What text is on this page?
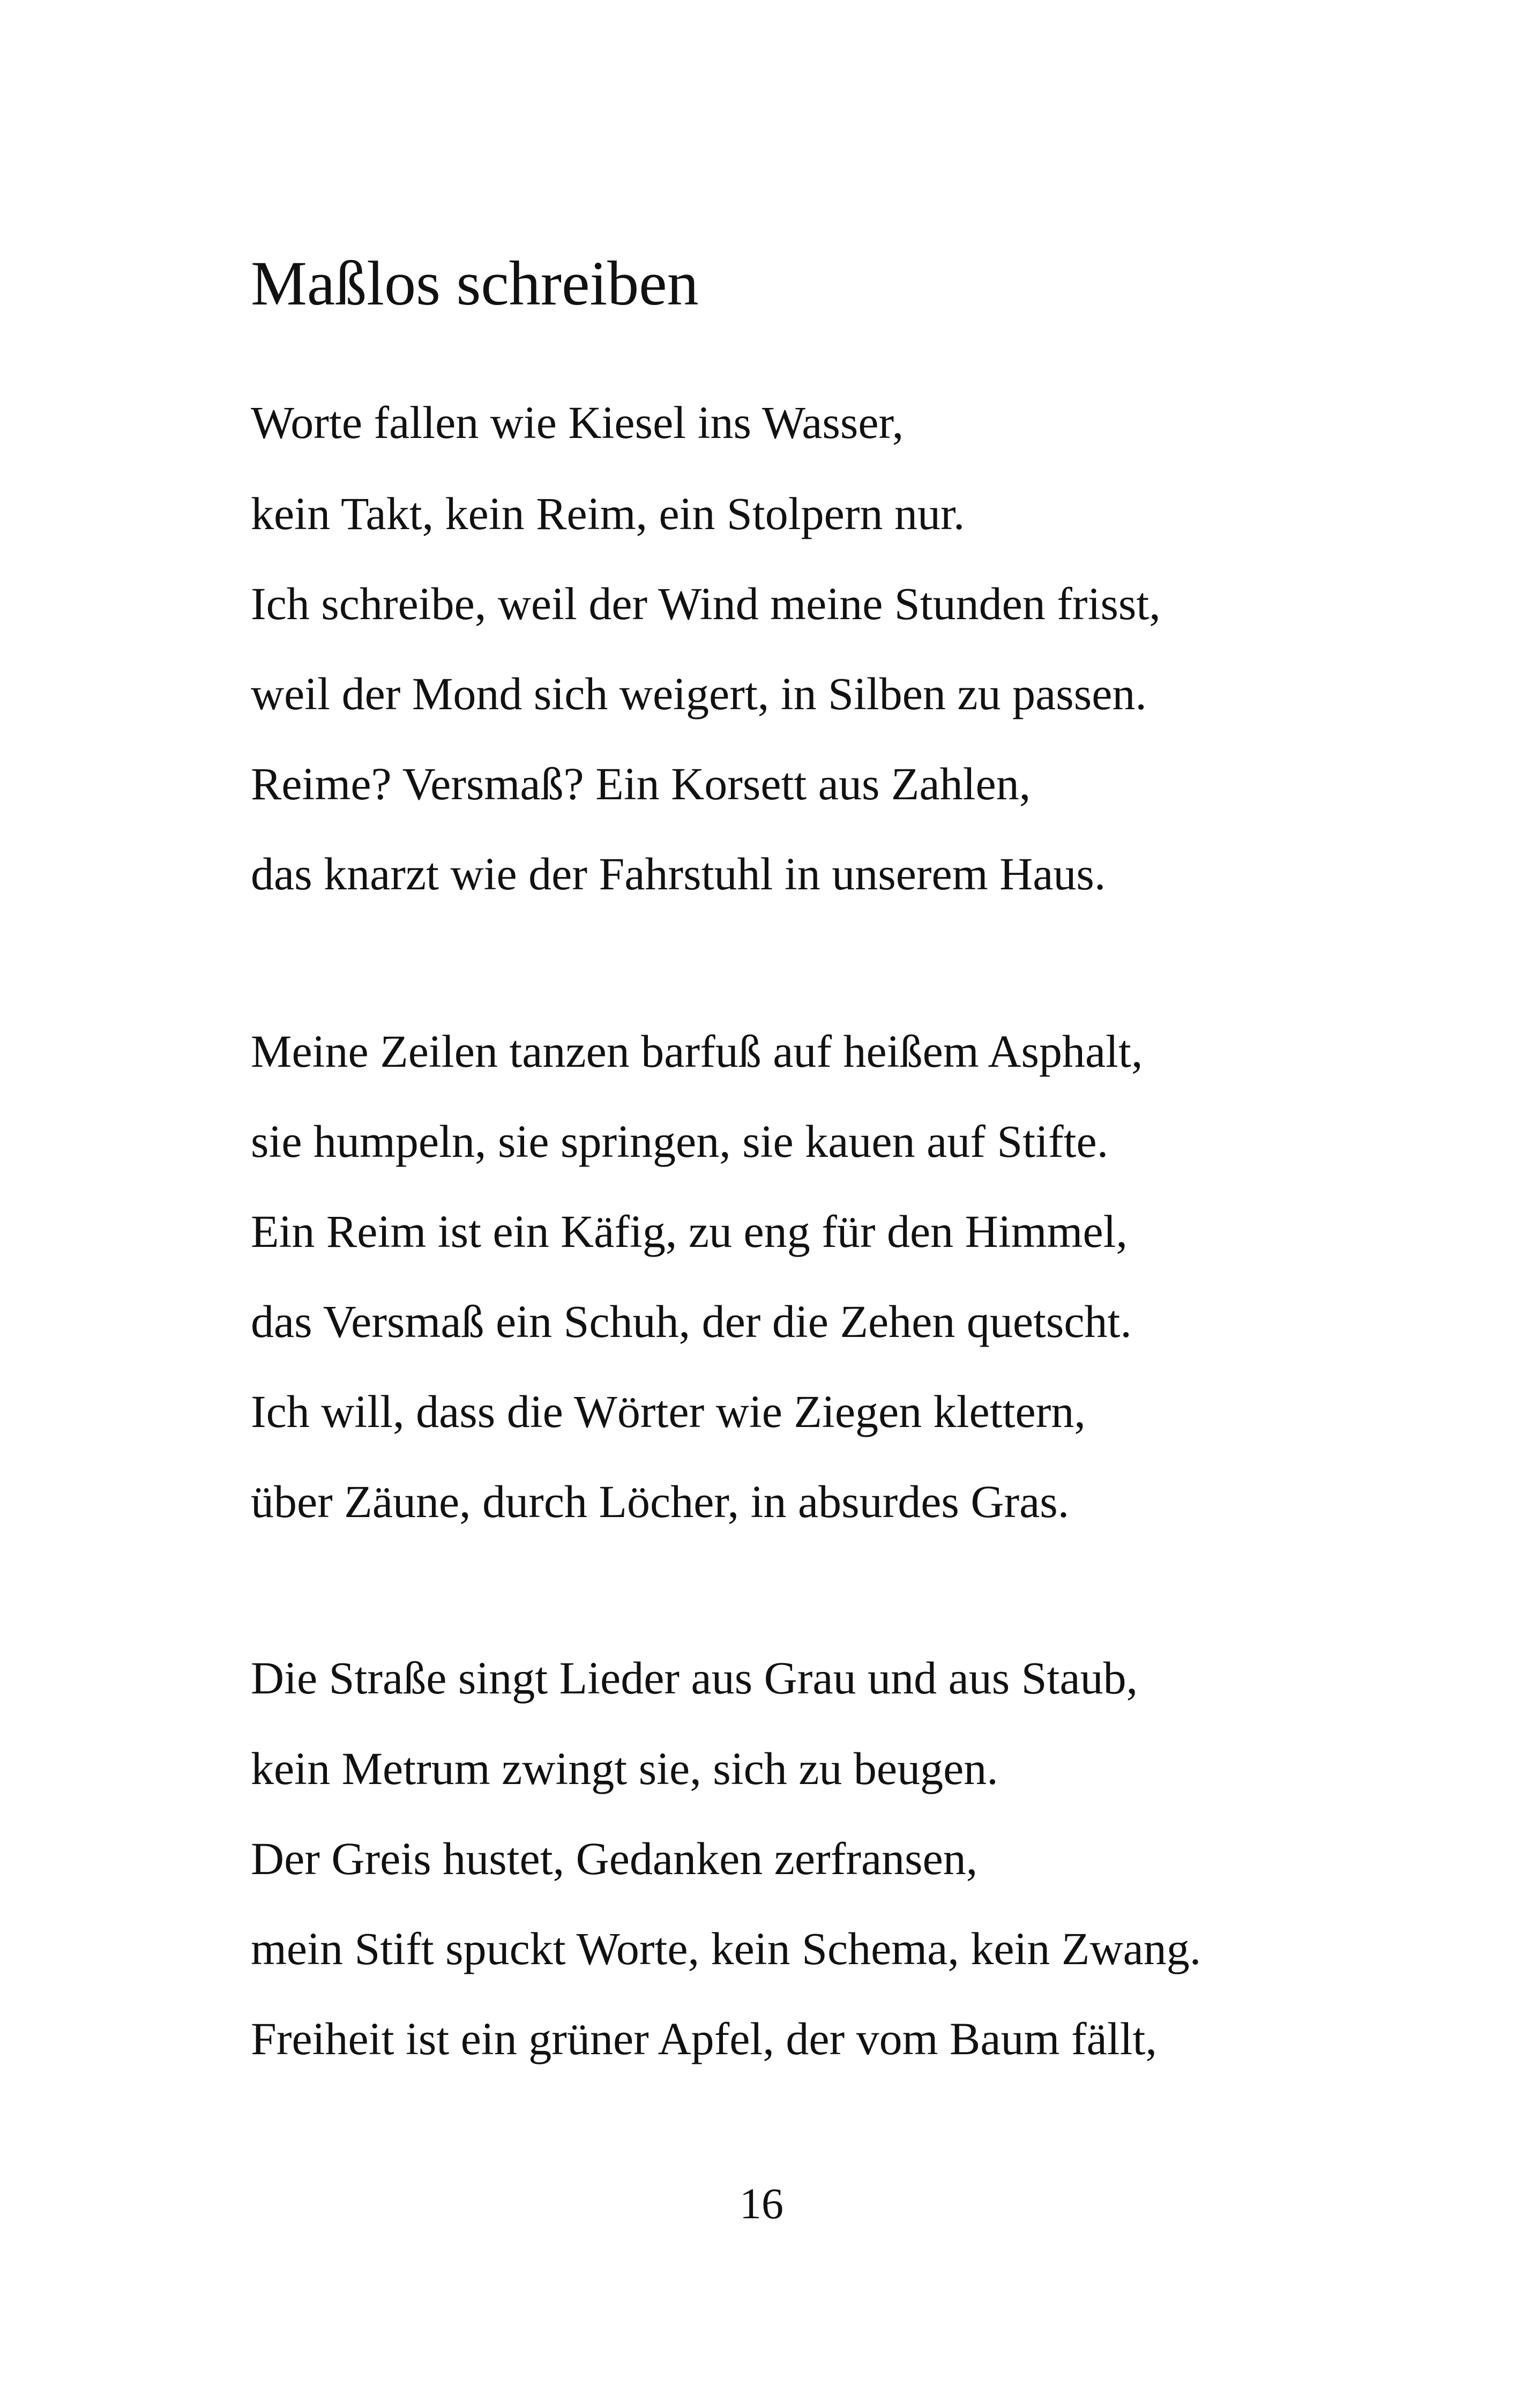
Maßlos schreiben

Worte fallen wie Kiesel ins Wasser,

kein Takt, kein Reim, ein Stolpern nur.

Ich schreibe, weil der Wind meine Stunden frisst,

weil der Mond sich weigert, in Silben zu passen.

Reime? Versmaß? Ein Korsett aus Zahlen,

das knarzt wie der Fahrstuhl in unserem Haus.

Meine Zeilen tanzen barfuß auf heißem Asphalt,

sie humpeln, sie springen, sie kauen auf Stifte.

Ein Reim ist ein Käfig, zu eng für den Himmel,

das Versmaß ein Schuh, der die Zehen quetscht.

Ich will, dass die Wörter wie Ziegen klettern,

über Zäune, durch Löcher, in absurdes Gras.

Die Straße singt Lieder aus Grau und aus Staub,

kein Metrum zwingt sie, sich zu beugen.

Der Greis hustet, Gedanken zerfransen,

mein Stift spuckt Worte, kein Schema, kein Zwang.

Freiheit ist ein grüner Apfel, der vom Baum fällt,

16
